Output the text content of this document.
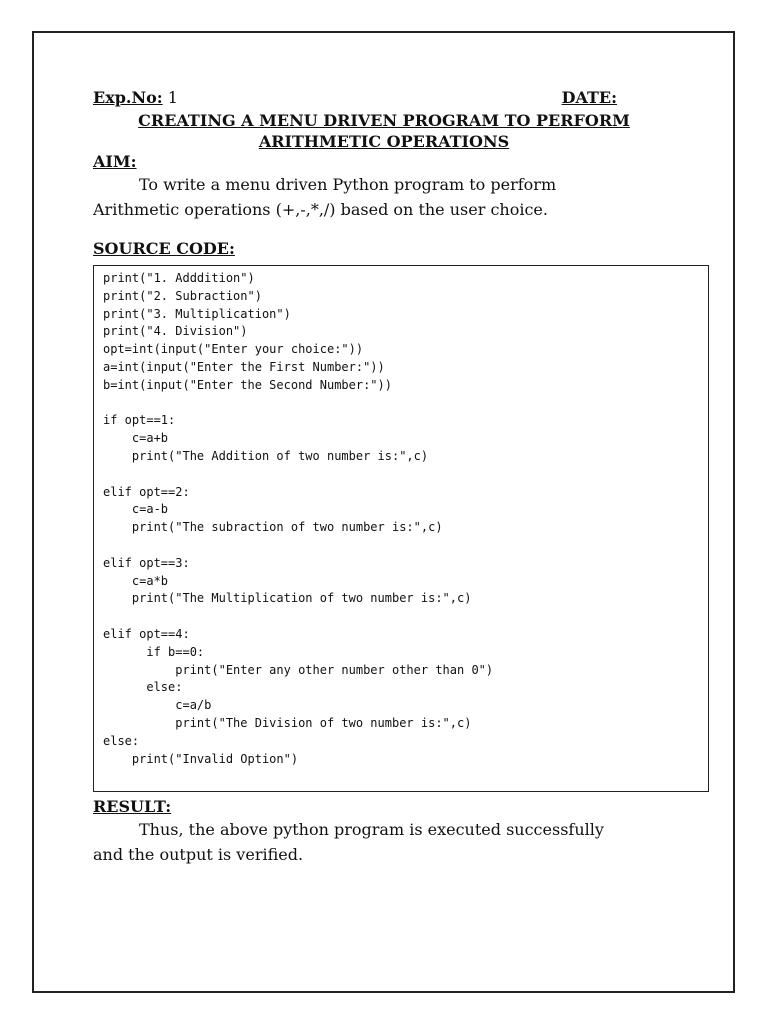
Exp.No: 1	DATE:
CREATING A MENU DRIVEN PROGRAM TO PERFORM
ARITHMETIC OPERATIONS
AIM:
To write a menu driven Python program to perform
Arithmetic operations (+,-,*,/) based on the user choice.
SOURCE CODE:
print("1. Adddition")
print("2. Subraction")
print("3. Multiplication")
print("4. Division")
opt=int(input("Enter your choice:"))
a=int(input("Enter the First Number:"))
b=int(input("Enter the Second Number:"))

if opt==1:
c=a+b
print("The Addition of two number is:",c)

elif opt==2:
c=a-b
print("The subraction of two number is:",c)

elif opt==3:
c=a*b
print("The Multiplication of two number is:",c)

elif opt==4:
if b==0:
print("Enter any other number other than 0")
else:
c=a/b
print("The Division of two number is:",c)
else:
print("Invalid Option")
RESULT:
Thus, the above python program is executed successfully
and the output is verified.
